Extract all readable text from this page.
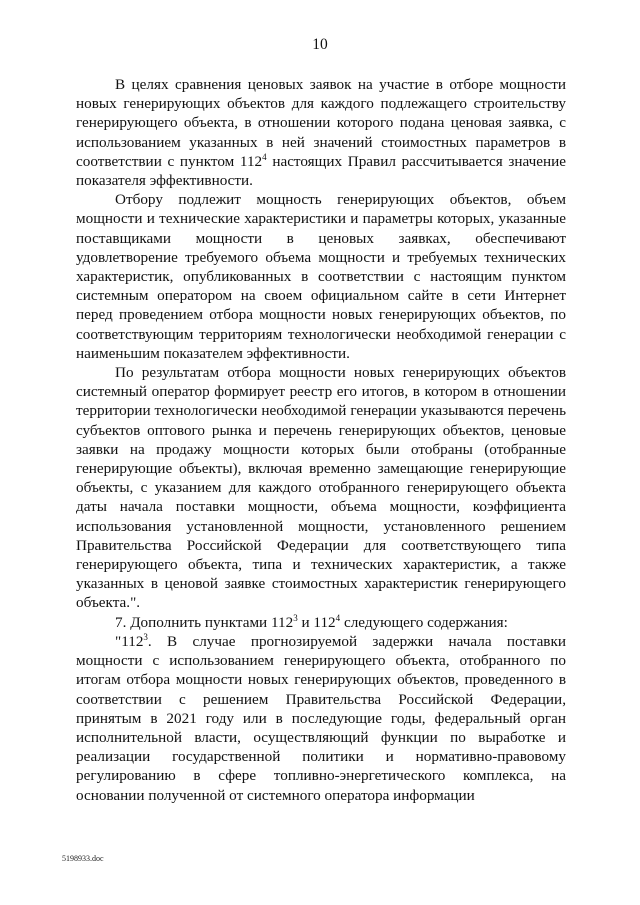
10

В целях сравнения ценовых заявок на участие в отборе мощности новых генерирующих объектов для каждого подлежащего строительству генерирующего объекта, в отношении которого подана ценовая заявка, с использованием указанных в ней значений стоимостных параметров в соответствии с пунктом $112^4$ настоящих Правил рассчитывается значение показателя эффективности.

Отбору подлежит мощность генерирующих объектов, объем мощности и технические характеристики и параметры которых, указанные поставщиками мощности в ценовых заявках, обеспечивают удовлетворение требуемого объема мощности и требуемых технических характеристик, опубликованных в соответствии с настоящим пунктом системным оператором на своем официальном сайте в сети Интернет перед проведением отбора мощности новых генерирующих объектов, по соответствующим территориям технологически необходимой генерации с наименьшим показателем эффективности.

По результатам отбора мощности новых генерирующих объектов системный оператор формирует реестр его итогов, в котором в отношении территории технологически необходимой генерации указываются перечень субъектов оптового рынка и перечень генерирующих объектов, ценовые заявки на продажу мощности которых были отобраны (отобранные генерирующие объекты), включая временно замещающие генерирующие объекты, с указанием для каждого отобранного генерирующего объекта даты начала поставки мощности, объема мощности, коэффициента использования установленной мощности, установленного решением Правительства Российской Федерации для соответствующего типа генерирующего объекта, типа и технических характеристик, а также указанных в ценовой заявке стоимостных характеристик генерирующего объекта.".

7. Дополнить пунктами $112^3$ и $112^4$ следующего содержания:

"$112^3$. В случае прогнозируемой задержки начала поставки мощности с использованием генерирующего объекта, отобранного по итогам отбора мощности новых генерирующих объектов, проведенного в соответствии с решением Правительства Российской Федерации, принятым в 2021 году или в последующие годы, федеральный орган исполнительной власти, осуществляющий функции по выработке и реализации государственной политики и нормативно-правовому регулированию в сфере топливно-энергетического комплекса, на основании полученной от системного оператора информации

5198933.doc
